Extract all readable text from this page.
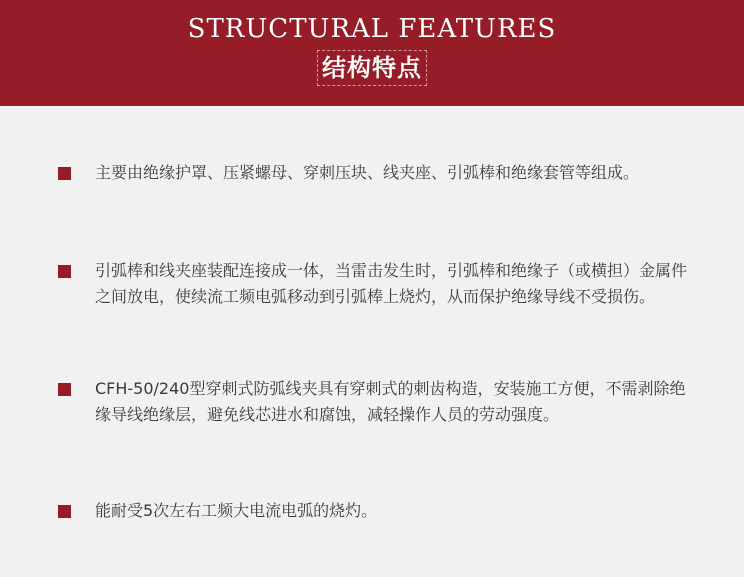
STRUCTURAL FEATURES
结构特点

主要由绝缘护罩、压紧螺母、穿刺压块、线夹座、引弧棒和绝缘套管等组成。

引弧棒和线夹座装配连接成一体，当雷击发生时，引弧棒和绝缘子（或横担）金属件之间放电，使续流工频电弧移动到引弧棒上烧灼，从而保护绝缘导线不受损伤。

CFH-50/240型穿刺式防弧线夹具有穿刺式的刺齿构造，安装施工方便，不需剥除绝缘导线绝缘层，避免线芯进水和腐蚀，减轻操作人员的劳动强度。

能耐受5次左右工频大电流电弧的烧灼。
